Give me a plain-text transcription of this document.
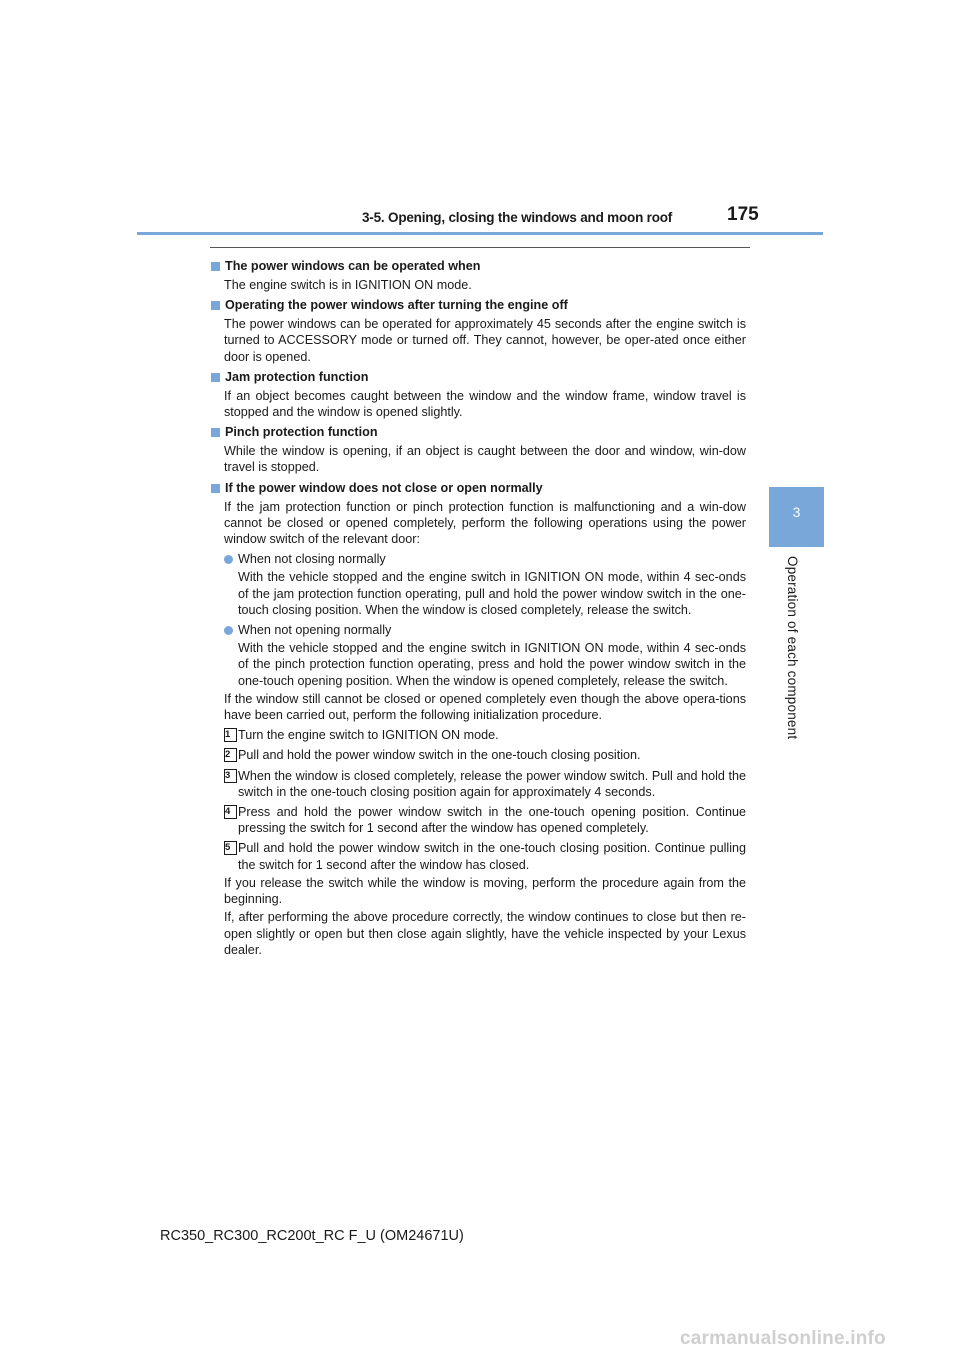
3-5. Opening, closing the windows and moon roof	175
3
Operation of each component
The power windows can be operated when
The engine switch is in IGNITION ON mode.
Operating the power windows after turning the engine off
The power windows can be operated for approximately 45 seconds after the engine switch is turned to ACCESSORY mode or turned off. They cannot, however, be oper-ated once either door is opened.
Jam protection function
If an object becomes caught between the window and the window frame, window travel is stopped and the window is opened slightly.
Pinch protection function
While the window is opening, if an object is caught between the door and window, win-dow travel is stopped.
If the power window does not close or open normally
If the jam protection function or pinch protection function is malfunctioning and a win-dow cannot be closed or opened completely, perform the following operations using the power window switch of the relevant door:
When not closing normally
With the vehicle stopped and the engine switch in IGNITION ON mode, within 4 sec-onds of the jam protection function operating, pull and hold the power window switch in the one-touch closing position. When the window is closed completely, release the switch.
When not opening normally
With the vehicle stopped and the engine switch in IGNITION ON mode, within 4 sec-onds of the pinch protection function operating, press and hold the power window switch in the one-touch opening position. When the window is opened completely, release the switch.
If the window still cannot be closed or opened completely even though the above opera-tions have been carried out, perform the following initialization procedure.
1 Turn the engine switch to IGNITION ON mode.
2 Pull and hold the power window switch in the one-touch closing position.
3 When the window is closed completely, release the power window switch. Pull and hold the switch in the one-touch closing position again for approximately 4 seconds.
4 Press and hold the power window switch in the one-touch opening position. Continue pressing the switch for 1 second after the window has opened completely.
5 Pull and hold the power window switch in the one-touch closing position. Continue pulling the switch for 1 second after the window has closed.
If you release the switch while the window is moving, perform the procedure again from the beginning.
If, after performing the above procedure correctly, the window continues to close but then re-open slightly or open but then close again slightly, have the vehicle inspected by your Lexus dealer.
RC350_RC300_RC200t_RC F_U (OM24671U)
carmanualsonline.info
